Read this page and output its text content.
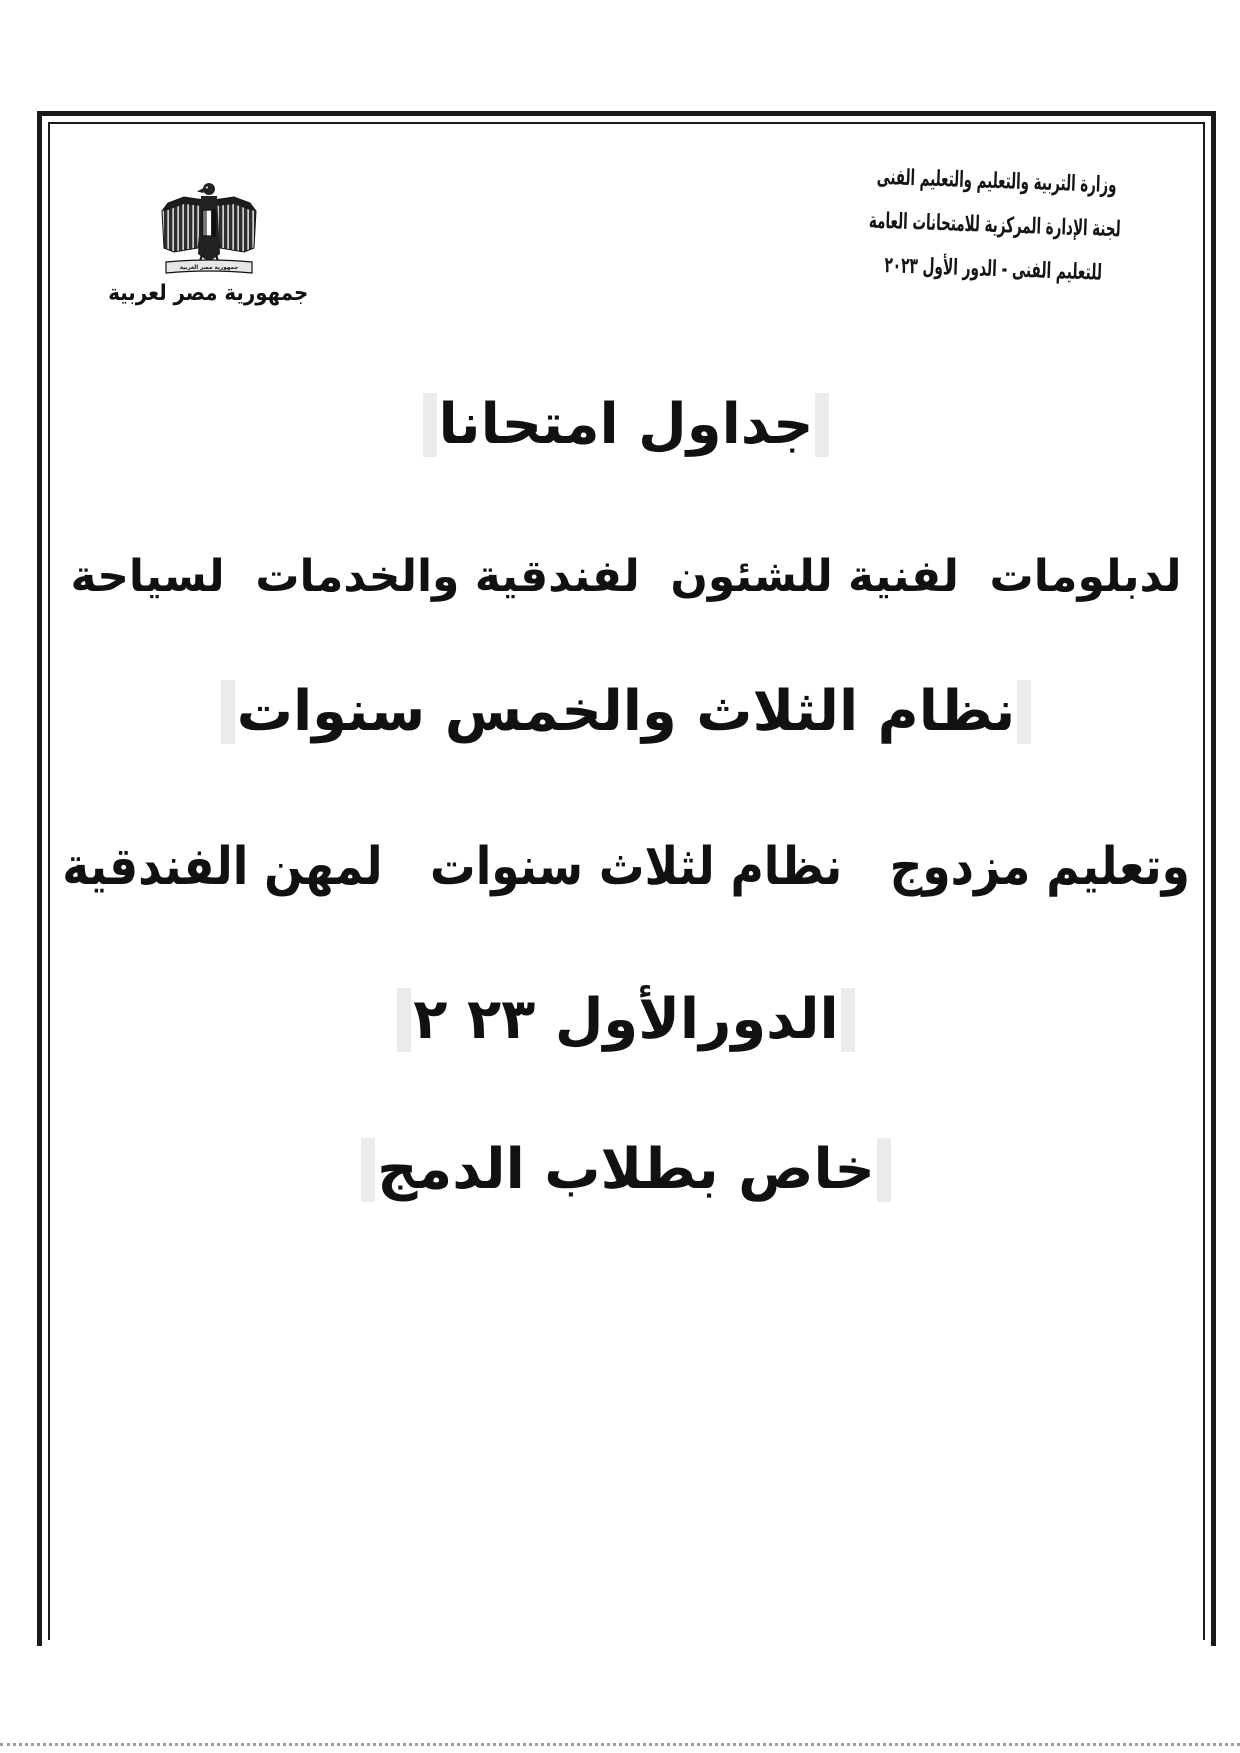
وزارة التربية والتعليم والتعليم الفنى
لجنة الإدارة المركزية للامتحانات العامة
للتعليم الفنى - الدور الأول ٢٠٢٣
جمهورية مصر العربية
جمهورية مصر لعربية
جداول امتحانا
لدبلومات  لفنية للشئون  لفندقية والخدمات  لسياحة
نظام الثلاث والخمس سنوات
وتعليم مزدوج   نظام لثلاث سنوات   لمهن الفندقية
الدورالأول ٢٣ ٢
خاص بطلاب الدمج
